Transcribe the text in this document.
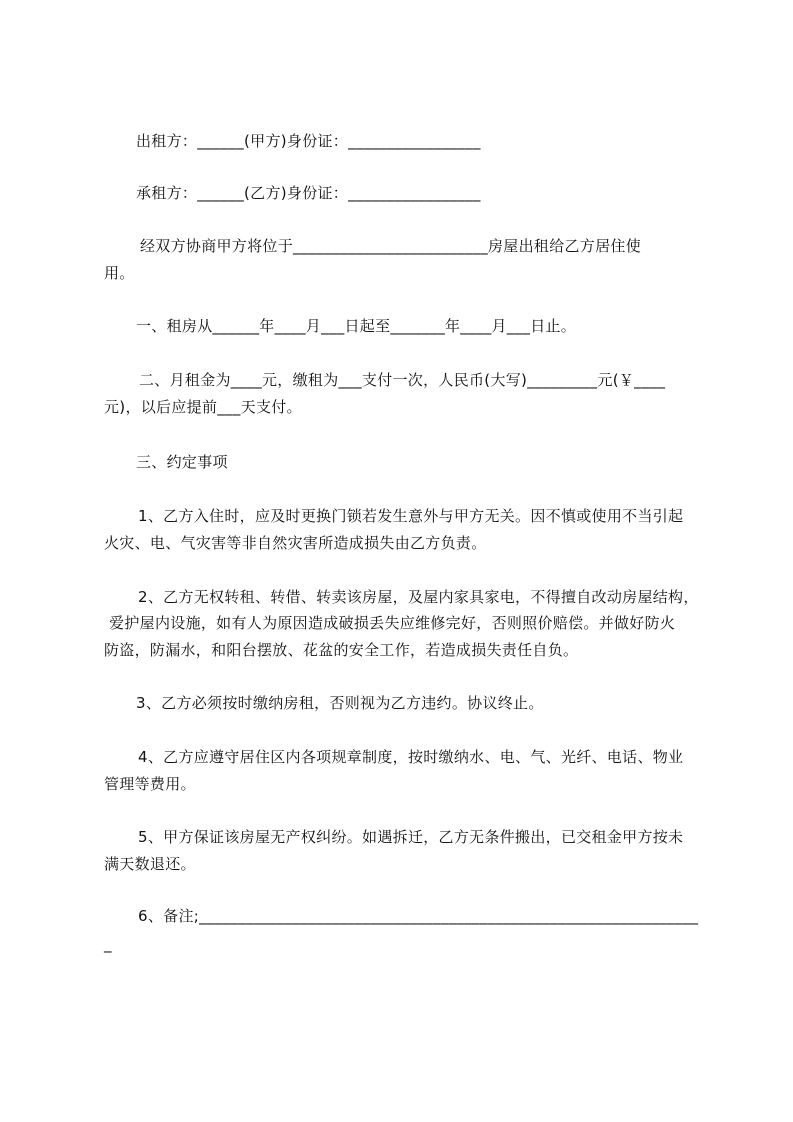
出租方：______(甲方)身份证：_________________
承租方：______(乙方)身份证：_________________
经双方协商甲方将位于_________________________房屋出租给乙方居住使
用。
一、租房从______年____月___日起至_______年____月___日止。
二、月租金为____元，缴租为___支付一次，人民币(大写)_________元(￥____
元)，以后应提前___天支付。
三、约定事项
1、乙方入住时，应及时更换门锁若发生意外与甲方无关。因不慎或使用不当引起
火灾、电、气灾害等非自然灾害所造成损失由乙方负责。
2、乙方无权转租、转借、转卖该房屋，及屋内家具家电，不得擅自改动房屋结构，
爱护屋内设施，如有人为原因造成破损丢失应维修完好，否则照价赔偿。并做好防火
防盗，防漏水，和阳台摆放、花盆的安全工作，若造成损失责任自负。
3、乙方必须按时缴纳房租，否则视为乙方违约。协议终止。
4、乙方应遵守居住区内各项规章制度，按时缴纳水、电、气、光纤、电话、物业
管理等费用。
5、甲方保证该房屋无产权纠纷。如遇拆迁，乙方无条件搬出，已交租金甲方按未
满天数退还。
6、备注;________________________________________________________________
_
